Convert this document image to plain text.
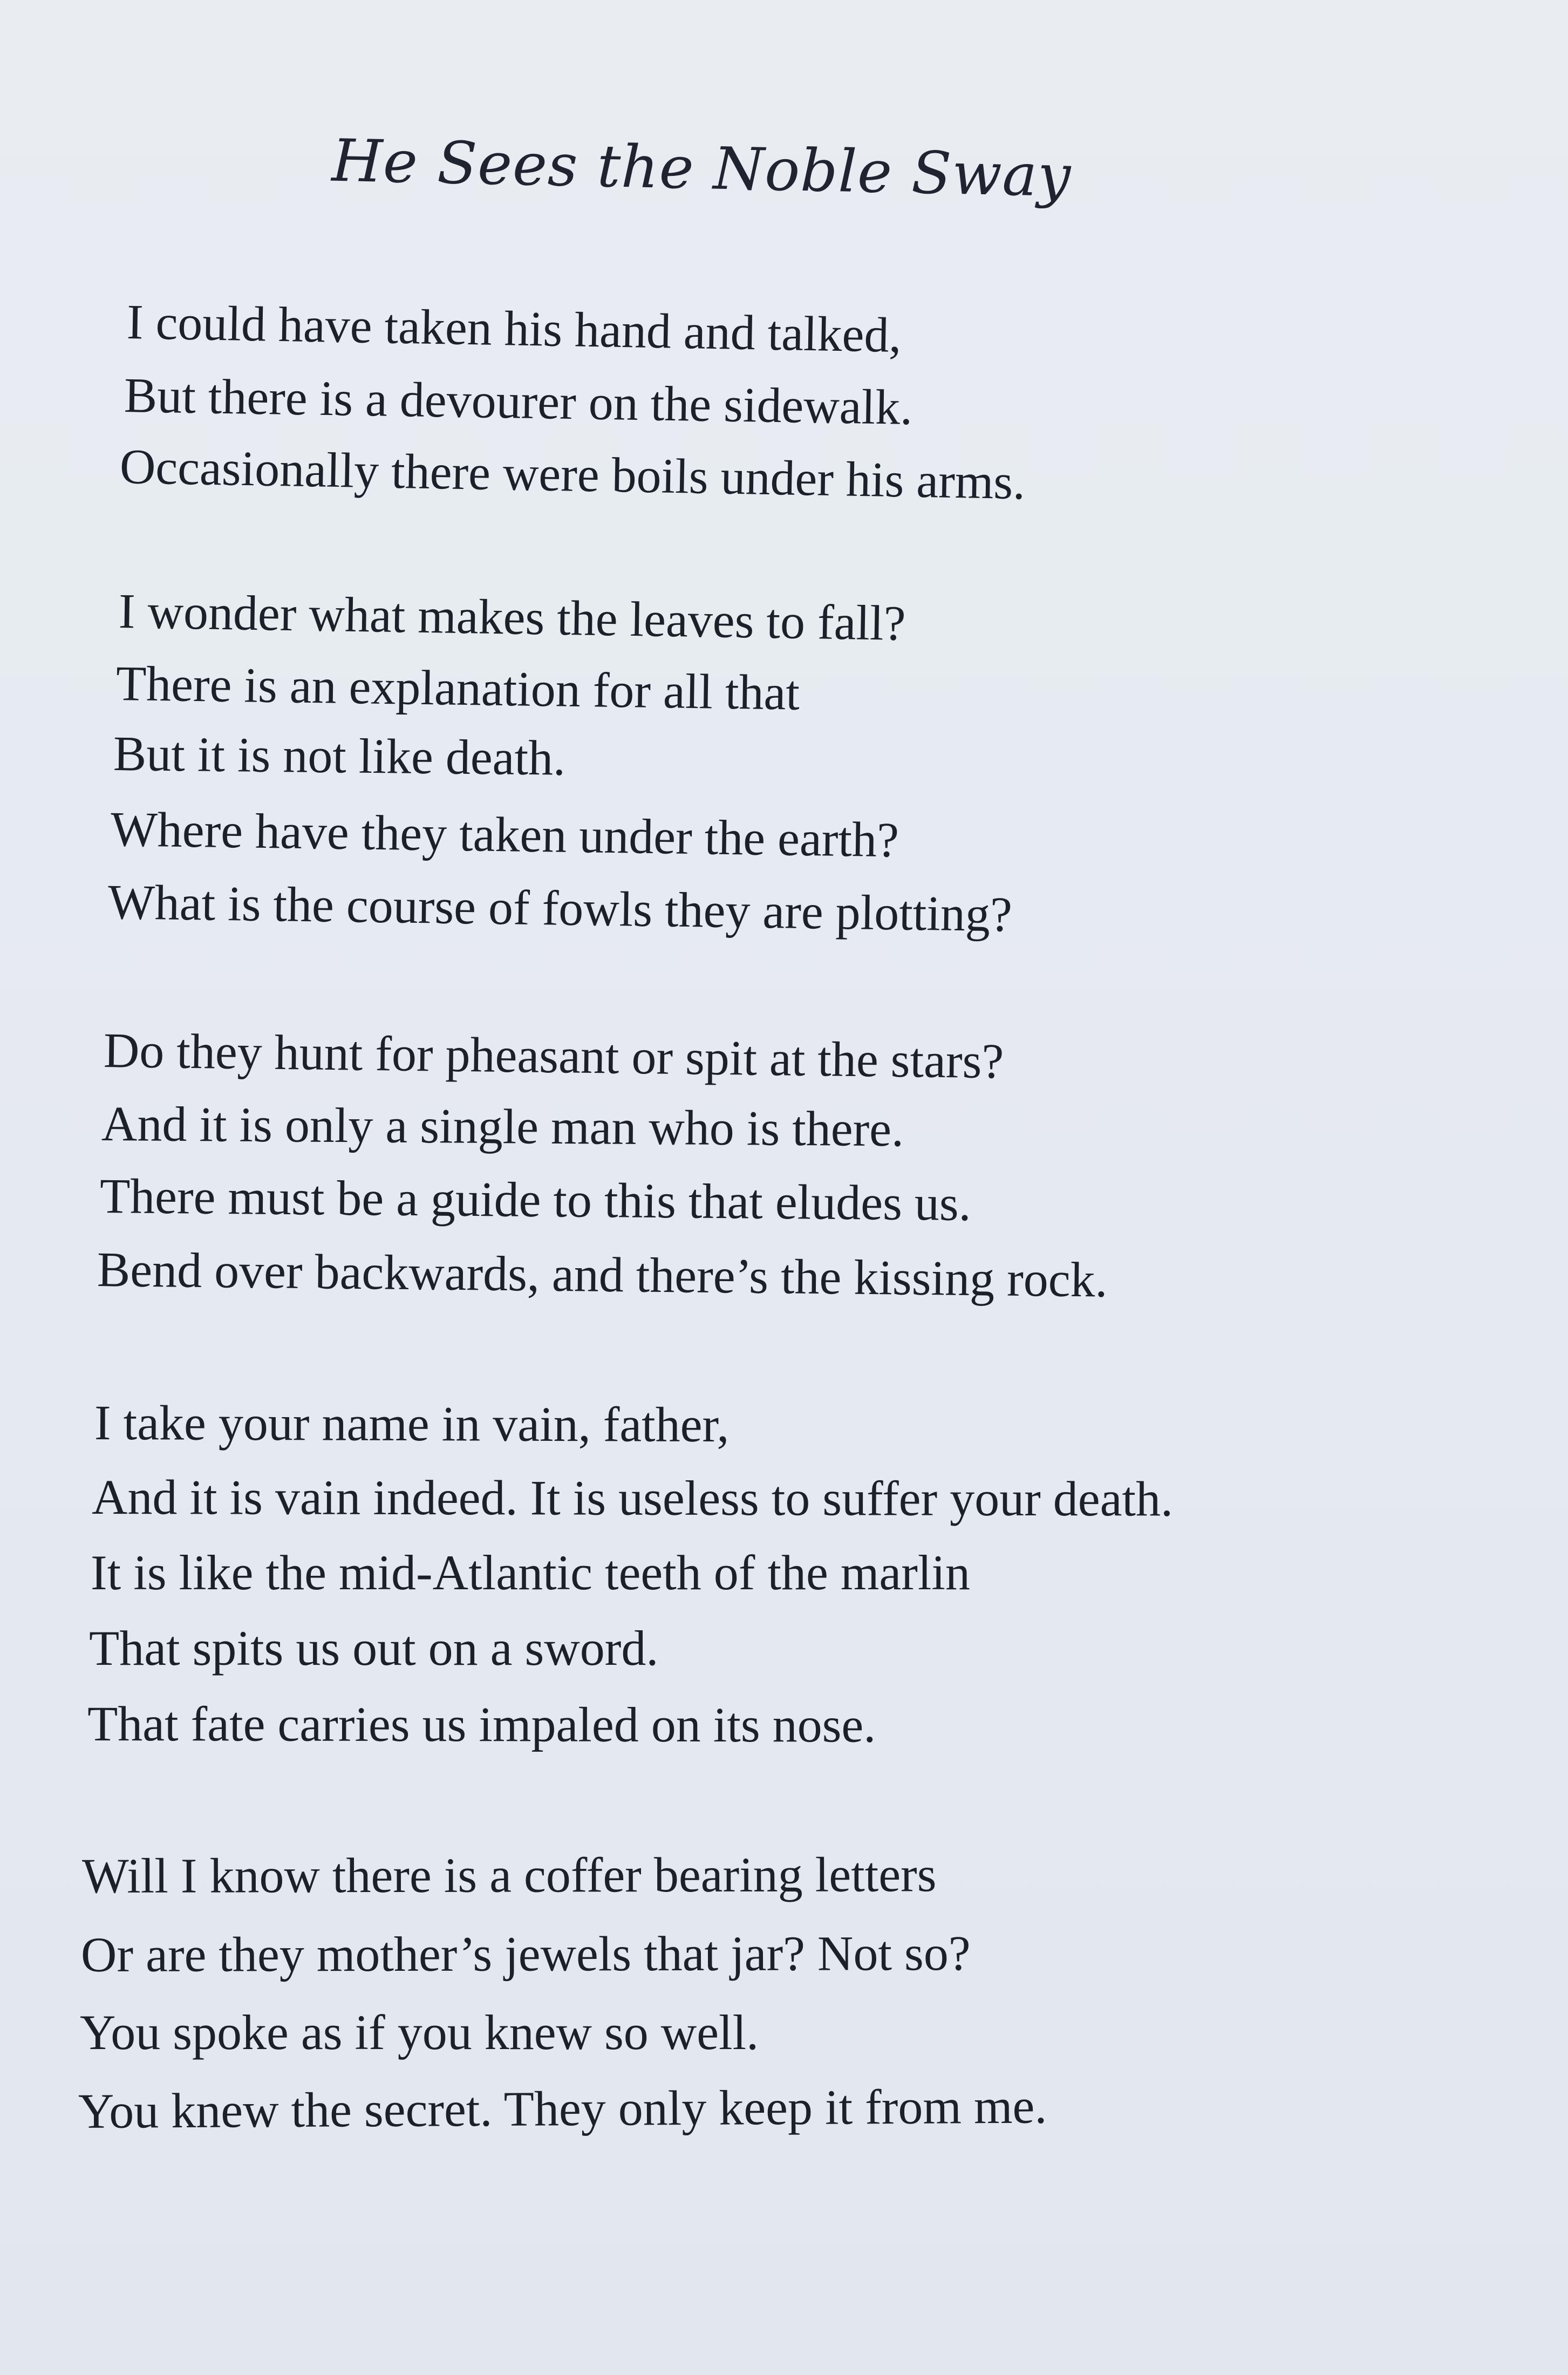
He Sees the Noble Sway
I could have taken his hand and talked,
But there is a devourer on the sidewalk.
Occasionally there were boils under his arms.
I wonder what makes the leaves to fall?
There is an explanation for all that
But it is not like death.
Where have they taken under the earth?
What is the course of fowls they are plotting?
Do they hunt for pheasant or spit at the stars?
And it is only a single man who is there.
There must be a guide to this that eludes us.
Bend over backwards, and there’s the kissing rock.
I take your name in vain, father,
And it is vain indeed. It is useless to suffer your death.
It is like the mid-Atlantic teeth of the marlin
That spits us out on a sword.
That fate carries us impaled on its nose.
Will I know there is a coffer bearing letters
Or are they mother’s jewels that jar? Not so?
You spoke as if you knew so well.
You knew the secret. They only keep it from me.
